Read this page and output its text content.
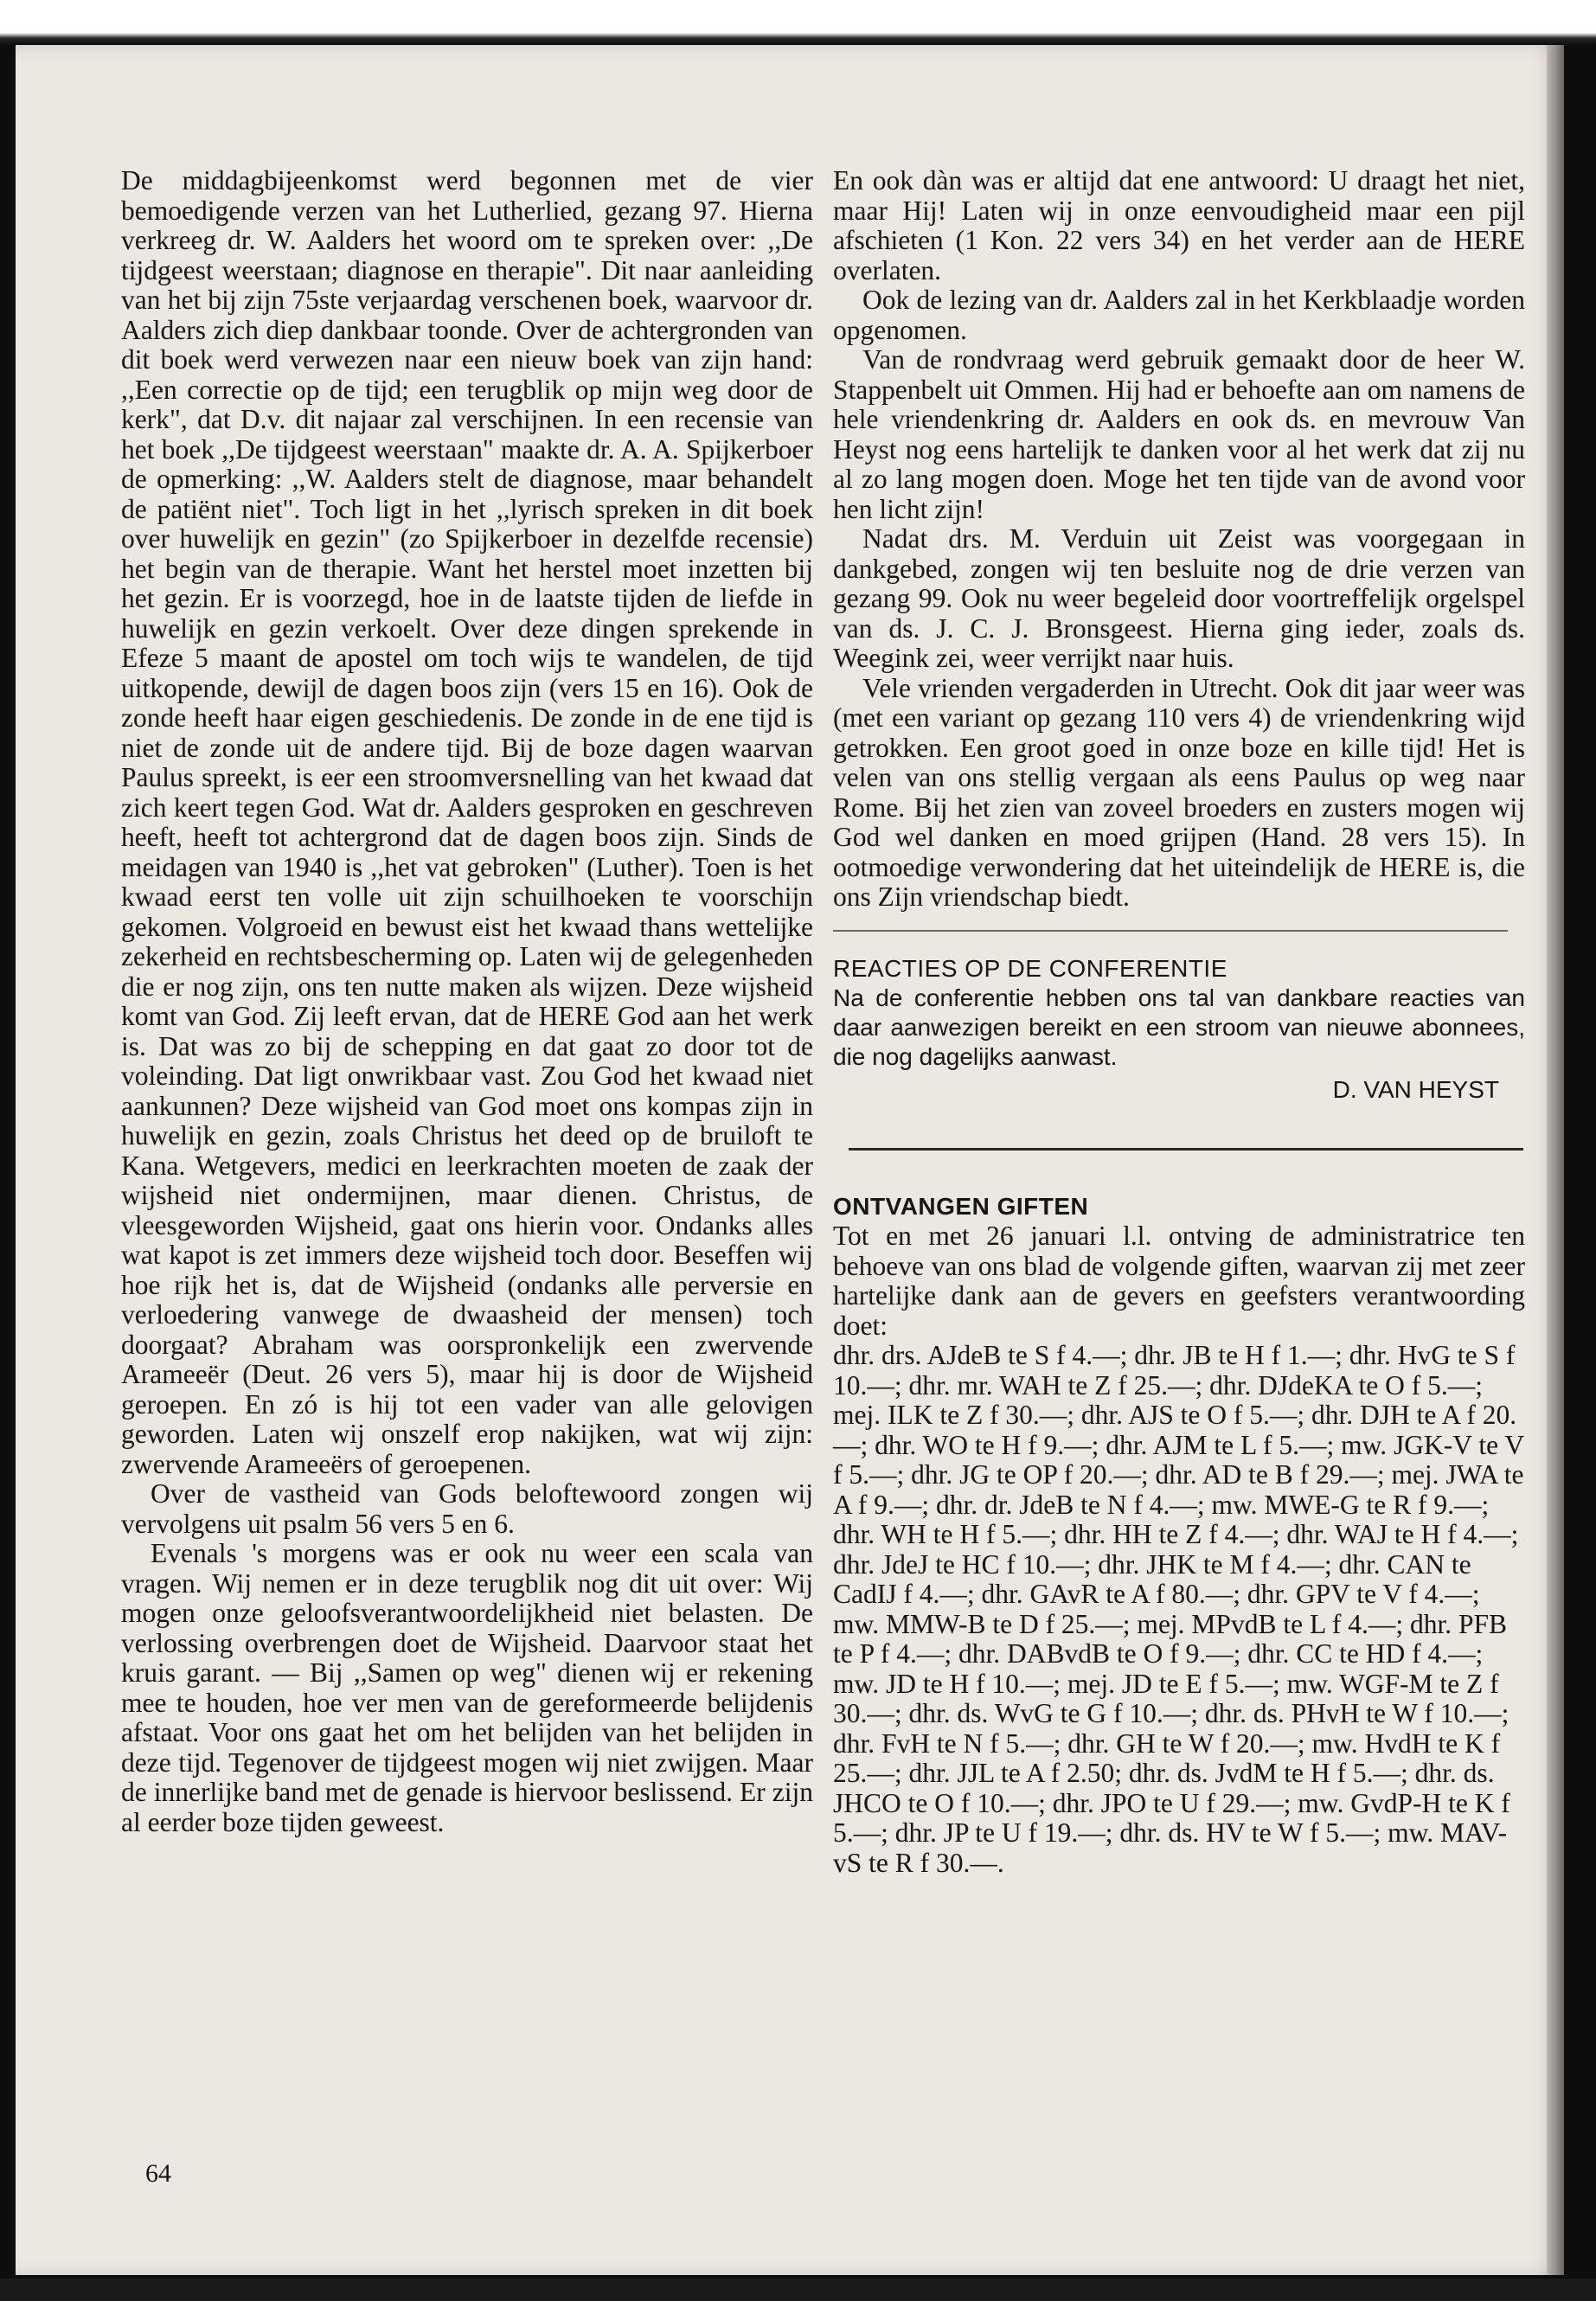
De middagbijeenkomst werd begonnen met de vier bemoedigende verzen van het Lutherlied, gezang 97. Hierna verkreeg dr. W. Aalders het woord om te spreken over: ,,De tijdgeest weerstaan; diagnose en therapie". Dit naar aanleiding van het bij zijn 75ste verjaardag verschenen boek, waarvoor dr. Aalders zich diep dankbaar toonde. Over de achtergronden van dit boek werd verwezen naar een nieuw boek van zijn hand: ,,Een correctie op de tijd; een terugblik op mijn weg door de kerk", dat D.v. dit najaar zal verschijnen. In een recensie van het boek ,,De tijdgeest weerstaan" maakte dr. A. A. Spijkerboer de opmerking: ,,W. Aalders stelt de diagnose, maar behandelt de patiënt niet". Toch ligt in het ,,lyrisch spreken in dit boek over huwelijk en gezin" (zo Spijkerboer in dezelfde recensie) het begin van de therapie. Want het herstel moet inzetten bij het gezin. Er is voorzegd, hoe in de laatste tijden de liefde in huwelijk en gezin verkoelt. Over deze dingen sprekende in Efeze 5 maant de apostel om toch wijs te wandelen, de tijd uitkopende, dewijl de dagen boos zijn (vers 15 en 16). Ook de zonde heeft haar eigen geschiedenis. De zonde in de ene tijd is niet de zonde uit de andere tijd. Bij de boze dagen waarvan Paulus spreekt, is eer een stroomversnelling van het kwaad dat zich keert tegen God. Wat dr. Aalders gesproken en geschreven heeft, heeft tot achtergrond dat de dagen boos zijn. Sinds de meidagen van 1940 is ,,het vat gebroken" (Luther). Toen is het kwaad eerst ten volle uit zijn schuilhoeken te voorschijn gekomen. Volgroeid en bewust eist het kwaad thans wettelijke zekerheid en rechtsbescherming op. Laten wij de gelegenheden die er nog zijn, ons ten nutte maken als wijzen. Deze wijsheid komt van God. Zij leeft ervan, dat de HERE God aan het werk is. Dat was zo bij de schepping en dat gaat zo door tot de voleinding. Dat ligt onwrikbaar vast. Zou God het kwaad niet aankunnen? Deze wijsheid van God moet ons kompas zijn in huwelijk en gezin, zoals Christus het deed op de bruiloft te Kana. Wetgevers, medici en leerkrachten moeten de zaak der wijsheid niet ondermijnen, maar dienen. Christus, de vleesgeworden Wijsheid, gaat ons hierin voor. Ondanks alles wat kapot is zet immers deze wijsheid toch door. Beseffen wij hoe rijk het is, dat de Wijsheid (ondanks alle perversie en verloedering vanwege de dwaasheid der mensen) toch doorgaat? Abraham was oorspronkelijk een zwervende Arameeër (Deut. 26 vers 5), maar hij is door de Wijsheid geroepen. En zó is hij tot een vader van alle gelovigen geworden. Laten wij onszelf erop nakijken, wat wij zijn: zwervende Arameeërs of geroepenen.

Over de vastheid van Gods beloftewoord zongen wij vervolgens uit psalm 56 vers 5 en 6.

Evenals 's morgens was er ook nu weer een scala van vragen. Wij nemen er in deze terugblik nog dit uit over: Wij mogen onze geloofsverantwoordelijkheid niet belasten. De verlossing overbrengen doet de Wijsheid. Daarvoor staat het kruis garant. — Bij ,,Samen op weg" dienen wij er rekening mee te houden, hoe ver men van de gereformeerde belijdenis afstaat. Voor ons gaat het om het belijden van het belijden in deze tijd. Tegenover de tijdgeest mogen wij niet zwijgen. Maar de innerlijke band met de genade is hiervoor beslissend. Er zijn al eerder boze tijden geweest.

En ook dàn was er altijd dat ene antwoord: U draagt het niet, maar Hij! Laten wij in onze eenvoudigheid maar een pijl afschieten (1 Kon. 22 vers 34) en het verder aan de HERE overlaten.

Ook de lezing van dr. Aalders zal in het Kerkblaadje worden opgenomen.

Van de rondvraag werd gebruik gemaakt door de heer W. Stappenbelt uit Ommen. Hij had er behoefte aan om namens de hele vriendenkring dr. Aalders en ook ds. en mevrouw Van Heyst nog eens hartelijk te danken voor al het werk dat zij nu al zo lang mogen doen. Moge het ten tijde van de avond voor hen licht zijn!

Nadat drs. M. Verduin uit Zeist was voorgegaan in dankgebed, zongen wij ten besluite nog de drie verzen van gezang 99. Ook nu weer begeleid door voortreffelijk orgelspel van ds. J. C. J. Bronsgeest. Hierna ging ieder, zoals ds. Weegink zei, weer verrijkt naar huis.

Vele vrienden vergaderden in Utrecht. Ook dit jaar weer was (met een variant op gezang 110 vers 4) de vriendenkring wijd getrokken. Een groot goed in onze boze en kille tijd! Het is velen van ons stellig vergaan als eens Paulus op weg naar Rome. Bij het zien van zoveel broeders en zusters mogen wij God wel danken en moed grijpen (Hand. 28 vers 15). In ootmoedige verwondering dat het uiteindelijk de HERE is, die ons Zijn vriendschap biedt.

REACTIES OP DE CONFERENTIE

Na de conferentie hebben ons tal van dankbare reacties van daar aanwezigen bereikt en een stroom van nieuwe abonnees, die nog dagelijks aanwast.

D. VAN HEYST

ONTVANGEN GIFTEN

Tot en met 26 januari l.l. ontving de administratrice ten behoeve van ons blad de volgende giften, waarvan zij met zeer hartelijke dank aan de gevers en geefsters verantwoording doet:

dhr. drs. AJdeB te S f 4.—; dhr. JB te H f 1.—; dhr. HvG te S f 10.—; dhr. mr. WAH te Z f 25.—; dhr. DJdeKA te O f 5.—; mej. ILK te Z f 30.—; dhr. AJS te O f 5.—; dhr. DJH te A f 20.—; dhr. WO te H f 9.—; dhr. AJM te L f 5.—; mw. JGK-V te V f 5.—; dhr. JG te OP f 20.—; dhr. AD te B f 29.—; mej. JWA te A f 9.—; dhr. dr. JdeB te N f 4.—; mw. MWE-G te R f 9.—; dhr. WH te H f 5.—; dhr. HH te Z f 4.—; dhr. WAJ te H f 4.—; dhr. JdeJ te HC f 10.—; dhr. JHK te M f 4.—; dhr. CAN te CadIJ f 4.—; dhr. GAvR te A f 80.—; dhr. GPV te V f 4.—; mw. MMW-B te D f 25.—; mej. MPvdB te L f 4.—; dhr. PFB te P f 4.—; dhr. DABvdB te O f 9.—; dhr. CC te HD f 4.—; mw. JD te H f 10.—; mej. JD te E f 5.—; mw. WGF-M te Z f 30.—; dhr. ds. WvG te G f 10.—; dhr. ds. PHvH te W f 10.—; dhr. FvH te N f 5.—; dhr. GH te W f 20.—; mw. HvdH te K f 25.—; dhr. JJL te A f 2.50; dhr. ds. JvdM te H f 5.—; dhr. ds. JHCO te O f 10.—; dhr. JPO te U f 29.—; mw. GvdP-H te K f 5.—; dhr. JP te U f 19.—; dhr. ds. HV te W f 5.—; mw. MAV-vS te R f 30.—.

64
